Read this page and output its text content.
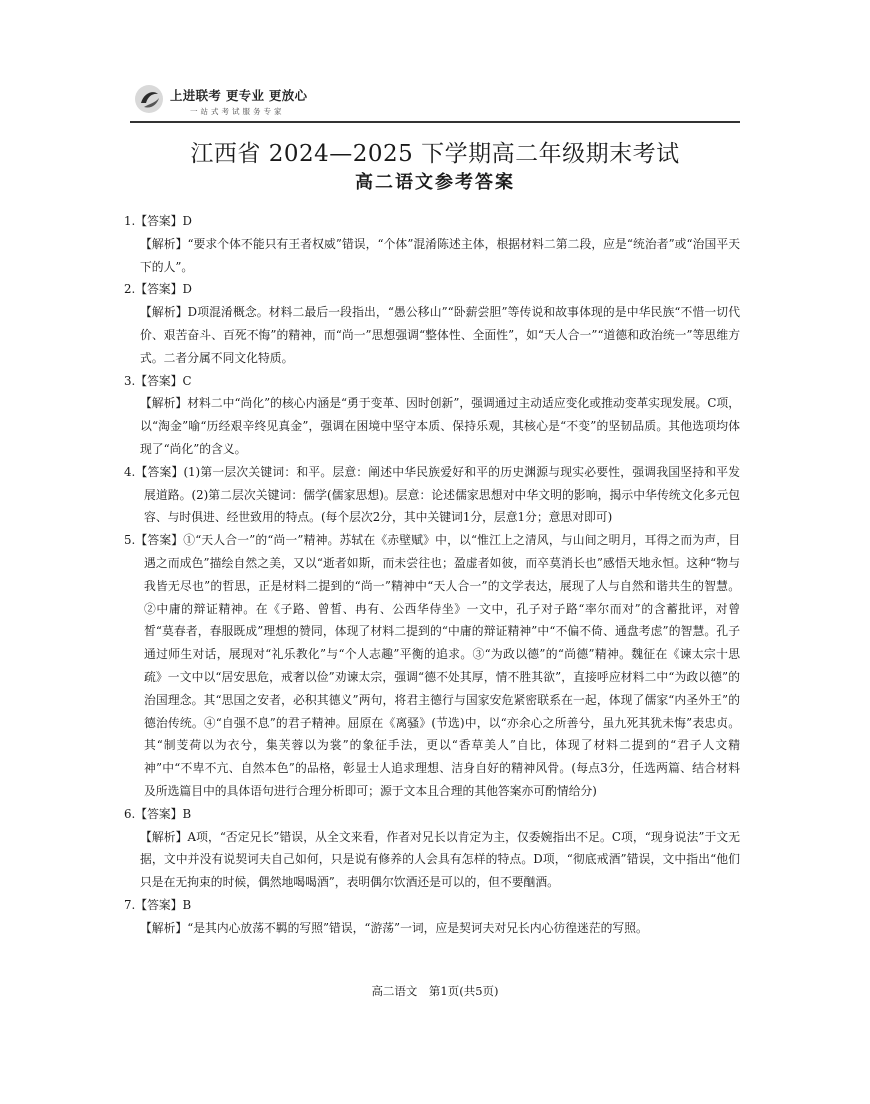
上进联考 更专业 更放心
一站式考试服务专家
江西省 2024—2025 下学期高二年级期末考试
高二语文参考答案
1.【答案】D
【解析】“要求个体不能只有王者权威”错误，“个体”混淆陈述主体，根据材料二第二段，应是“统治者”或“治国平天下的人”。
2.【答案】D
【解析】D项混淆概念。材料二最后一段指出，“愚公移山”“卧薪尝胆”等传说和故事体现的是中华民族“不惜一切代价、艰苦奋斗、百死不悔”的精神，而“尚一”思想强调“整体性、全面性”，如“天人合一”“道德和政治统一”等思维方式。二者分属不同文化特质。
3.【答案】C
【解析】材料二中“尚化”的核心内涵是“勇于变革、因时创新”，强调通过主动适应变化或推动变革实现发展。C项，以“淘金”喻“历经艰辛终见真金”，强调在困境中坚守本质、保持乐观，其核心是“不变”的坚韧品质。其他选项均体现了“尚化”的含义。
4.【答案】(1)第一层次关键词：和平。层意：阐述中华民族爱好和平的历史渊源与现实必要性，强调我国坚持和平发展道路。(2)第二层次关键词：儒学(儒家思想)。层意：论述儒家思想对中华文明的影响，揭示中华传统文化多元包容、与时俱进、经世致用的特点。(每个层次2分，其中关键词1分，层意1分；意思对即可)
5.【答案】①“天人合一”的“尚一”精神。苏轼在《赤壁赋》中，以“惟江上之清风，与山间之明月，耳得之而为声，目遇之而成色”描绘自然之美，又以“逝者如斯，而未尝往也；盈虚者如彼，而卒莫消长也”感悟天地永恒。这种“物与我皆无尽也”的哲思，正是材料二提到的“尚一”精神中“天人合一”的文学表达，展现了人与自然和谐共生的智慧。②中庸的辩证精神。在《子路、曾皙、冉有、公西华侍坐》一文中，孔子对子路“率尔而对”的含蓄批评，对曾皙“莫春者，春服既成”理想的赞同，体现了材料二提到的“中庸的辩证精神”中“不偏不倚、通盘考虑”的智慧。孔子通过师生对话，展现对“礼乐教化”与“个人志趣”平衡的追求。③“为政以德”的“尚德”精神。魏征在《谏太宗十思疏》一文中以“居安思危，戒奢以俭”劝谏太宗，强调“德不处其厚，情不胜其欲”，直接呼应材料二中“为政以德”的治国理念。其“思国之安者，必积其德义”两句，将君主德行与国家安危紧密联系在一起，体现了儒家“内圣外王”的德治传统。④“自强不息”的君子精神。屈原在《离骚》(节选)中，以“亦余心之所善兮，虽九死其犹未悔”表忠贞。其“制芰荷以为衣兮，集芙蓉以为裳”的象征手法，更以“香草美人”自比，体现了材料二提到的“君子人文精神”中“不卑不亢、自然本色”的品格，彰显士人追求理想、洁身自好的精神风骨。(每点3分，任选两篇、结合材料及所选篇目中的具体语句进行合理分析即可；源于文本且合理的其他答案亦可酌情给分)
6.【答案】B
【解析】A项，“否定兄长”错误，从全文来看，作者对兄长以肯定为主，仅委婉指出不足。C项，“现身说法”于文无据，文中并没有说契诃夫自己如何，只是说有修养的人会具有怎样的特点。D项，“彻底戒酒”错误，文中指出“他们只是在无拘束的时候，偶然地喝喝酒”，表明偶尔饮酒还是可以的，但不要酗酒。
7.【答案】B
【解析】“是其内心放荡不羁的写照”错误，“游荡”一词，应是契诃夫对兄长内心彷徨迷茫的写照。
高二语文　第1页(共5页)
